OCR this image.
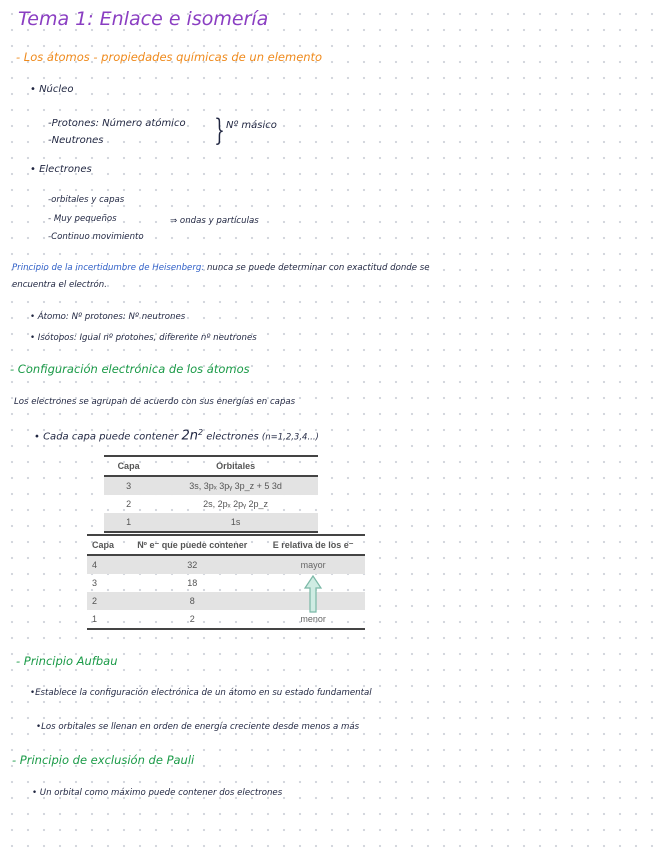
Tema 1: Enlace e isomería
- Los átomos - propiedades químicas de un elemento
• Núcleo
-Protones: Número atómico
-Neutrones	} Nº másico
• Electrones
-orbitales y capas
- Muy pequeños	⇒ ondas y partículas
-Continuo movimiento
Principio de la incertidumbre de Heisenberg: nunca se puede determinar con exactitud donde se
encuentra el electrón.
• Átomo: Nº protones: Nº neutrones
• Isótopos: Igual nº protones, diferente nº neutrones
- Configuración electrónica de los átomos
Los electrones se agrupan de acuerdo con sus energías en capas
• Cada capa puede contener $2n^2$ electrones (n=1,2,3,4...)
Capa	Orbitales
3	3s, 3pₓ 3pᵧ 3p_z + 5 3d
2	2s, 2pₓ 2pᵧ 2p_z
1	1s
Capa	Nº e⁻ que puede contener	E relativa de los e⁻
4	32	mayor
3	18	

2	8	
1	2	menor
- Principio Aufbau
•Establece la configuración electrónica de un átomo en su estado fundamental
•Los orbitales se llenan en orden de energía creciente desde menos a más
- Principio de exclusión de Pauli
• Un orbital como máximo puede contener dos electrones
